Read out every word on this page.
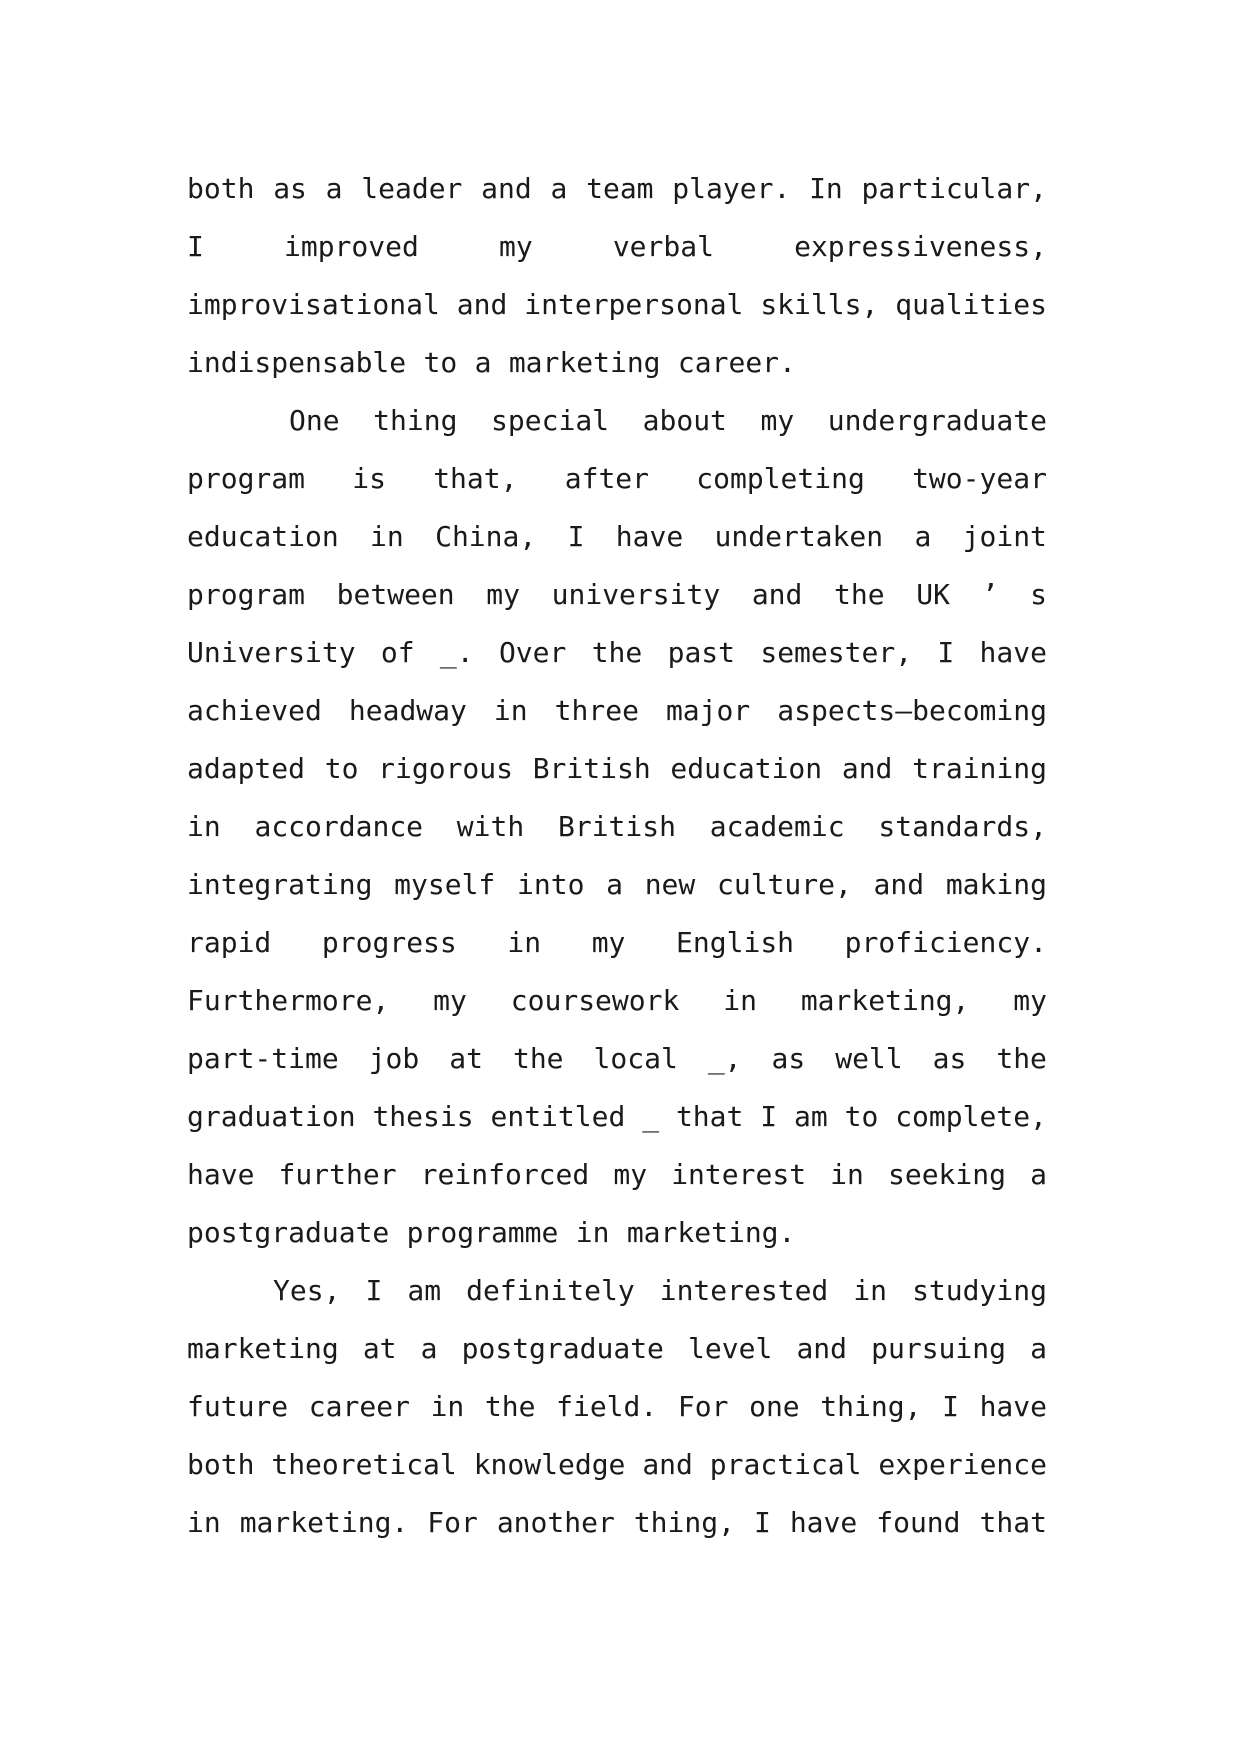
both as a leader and a team player. In particular,
I	improved	my	verbal	expressiveness,
improvisational and interpersonal skills, qualities
indispensable to a marketing career.
One thing special about my undergraduate
program is that, after completing two-year
education in China, I have undertaken a joint
program between my university and the UK ’ s
University of _. Over the past semester, I have
achieved headway in three major aspects—becoming
adapted to rigorous British education and training
in accordance with British academic standards,
integrating myself into a new culture, and making
rapid progress in my English proficiency.
Furthermore, my coursework in marketing, my
part-time job at the local _, as well as the
graduation thesis entitled _ that I am to complete,
have further reinforced my interest in seeking a
postgraduate programme in marketing.
Yes, I am definitely interested in studying
marketing at a postgraduate level and pursuing a
future career in the field. For one thing, I have
both theoretical knowledge and practical experience
in marketing. For another thing, I have found that
